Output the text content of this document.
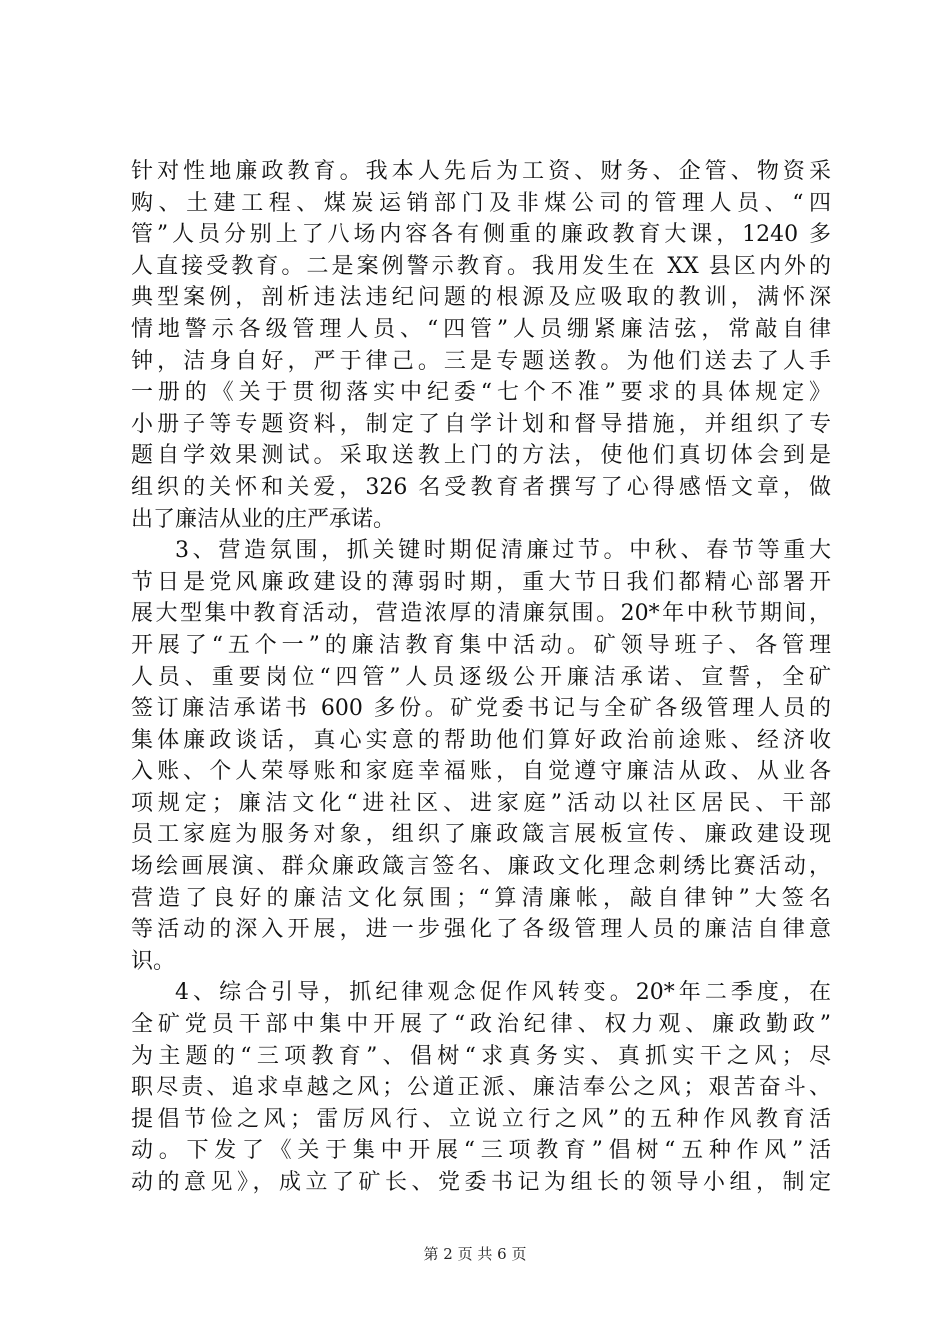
针对性地廉政教育。我本人先后为工资、财务、企管、物资采
购、土建工程、煤炭运销部门及非煤公司的管理人员、“四
管”人员分别上了八场内容各有侧重的廉政教育大课，1240 多
人直接受教育。二是案例警示教育。我用发生在 XX 县区内外的
典型案例，剖析违法违纪问题的根源及应吸取的教训，满怀深
情地警示各级管理人员、“四管”人员绷紧廉洁弦，常敲自律
钟，洁身自好，严于律己。三是专题送教。为他们送去了人手
一册的《关于贯彻落实中纪委“七个不准”要求的具体规定》
小册子等专题资料，制定了自学计划和督导措施，并组织了专
题自学效果测试。采取送教上门的方法，使他们真切体会到是
组织的关怀和关爱，326 名受教育者撰写了心得感悟文章，做
出了廉洁从业的庄严承诺。
3、营造氛围，抓关键时期促清廉过节。中秋、春节等重大
节日是党风廉政建设的薄弱时期，重大节日我们都精心部署开
展大型集中教育活动，营造浓厚的清廉氛围。20*年中秋节期间，
开展了“五个一”的廉洁教育集中活动。矿领导班子、各管理
人员、重要岗位“四管”人员逐级公开廉洁承诺、宣誓，全矿
签订廉洁承诺书 600 多份。矿党委书记与全矿各级管理人员的
集体廉政谈话，真心实意的帮助他们算好政治前途账、经济收
入账、个人荣辱账和家庭幸福账，自觉遵守廉洁从政、从业各
项规定；廉洁文化“进社区、进家庭”活动以社区居民、干部
员工家庭为服务对象，组织了廉政箴言展板宣传、廉政建设现
场绘画展演、群众廉政箴言签名、廉政文化理念刺绣比赛活动，
营造了良好的廉洁文化氛围；“算清廉帐，敲自律钟”大签名
等活动的深入开展，进一步强化了各级管理人员的廉洁自律意
识。
4、综合引导，抓纪律观念促作风转变。20*年二季度，在
全矿党员干部中集中开展了“政治纪律、权力观、廉政勤政”
为主题的“三项教育”、倡树“求真务实、真抓实干之风；尽
职尽责、追求卓越之风；公道正派、廉洁奉公之风；艰苦奋斗、
提倡节俭之风；雷厉风行、立说立行之风”的五种作风教育活
动。下发了《关于集中开展“三项教育”倡树“五种作风”活
动的意见》，成立了矿长、党委书记为组长的领导小组，制定
第 2 页 共 6 页
